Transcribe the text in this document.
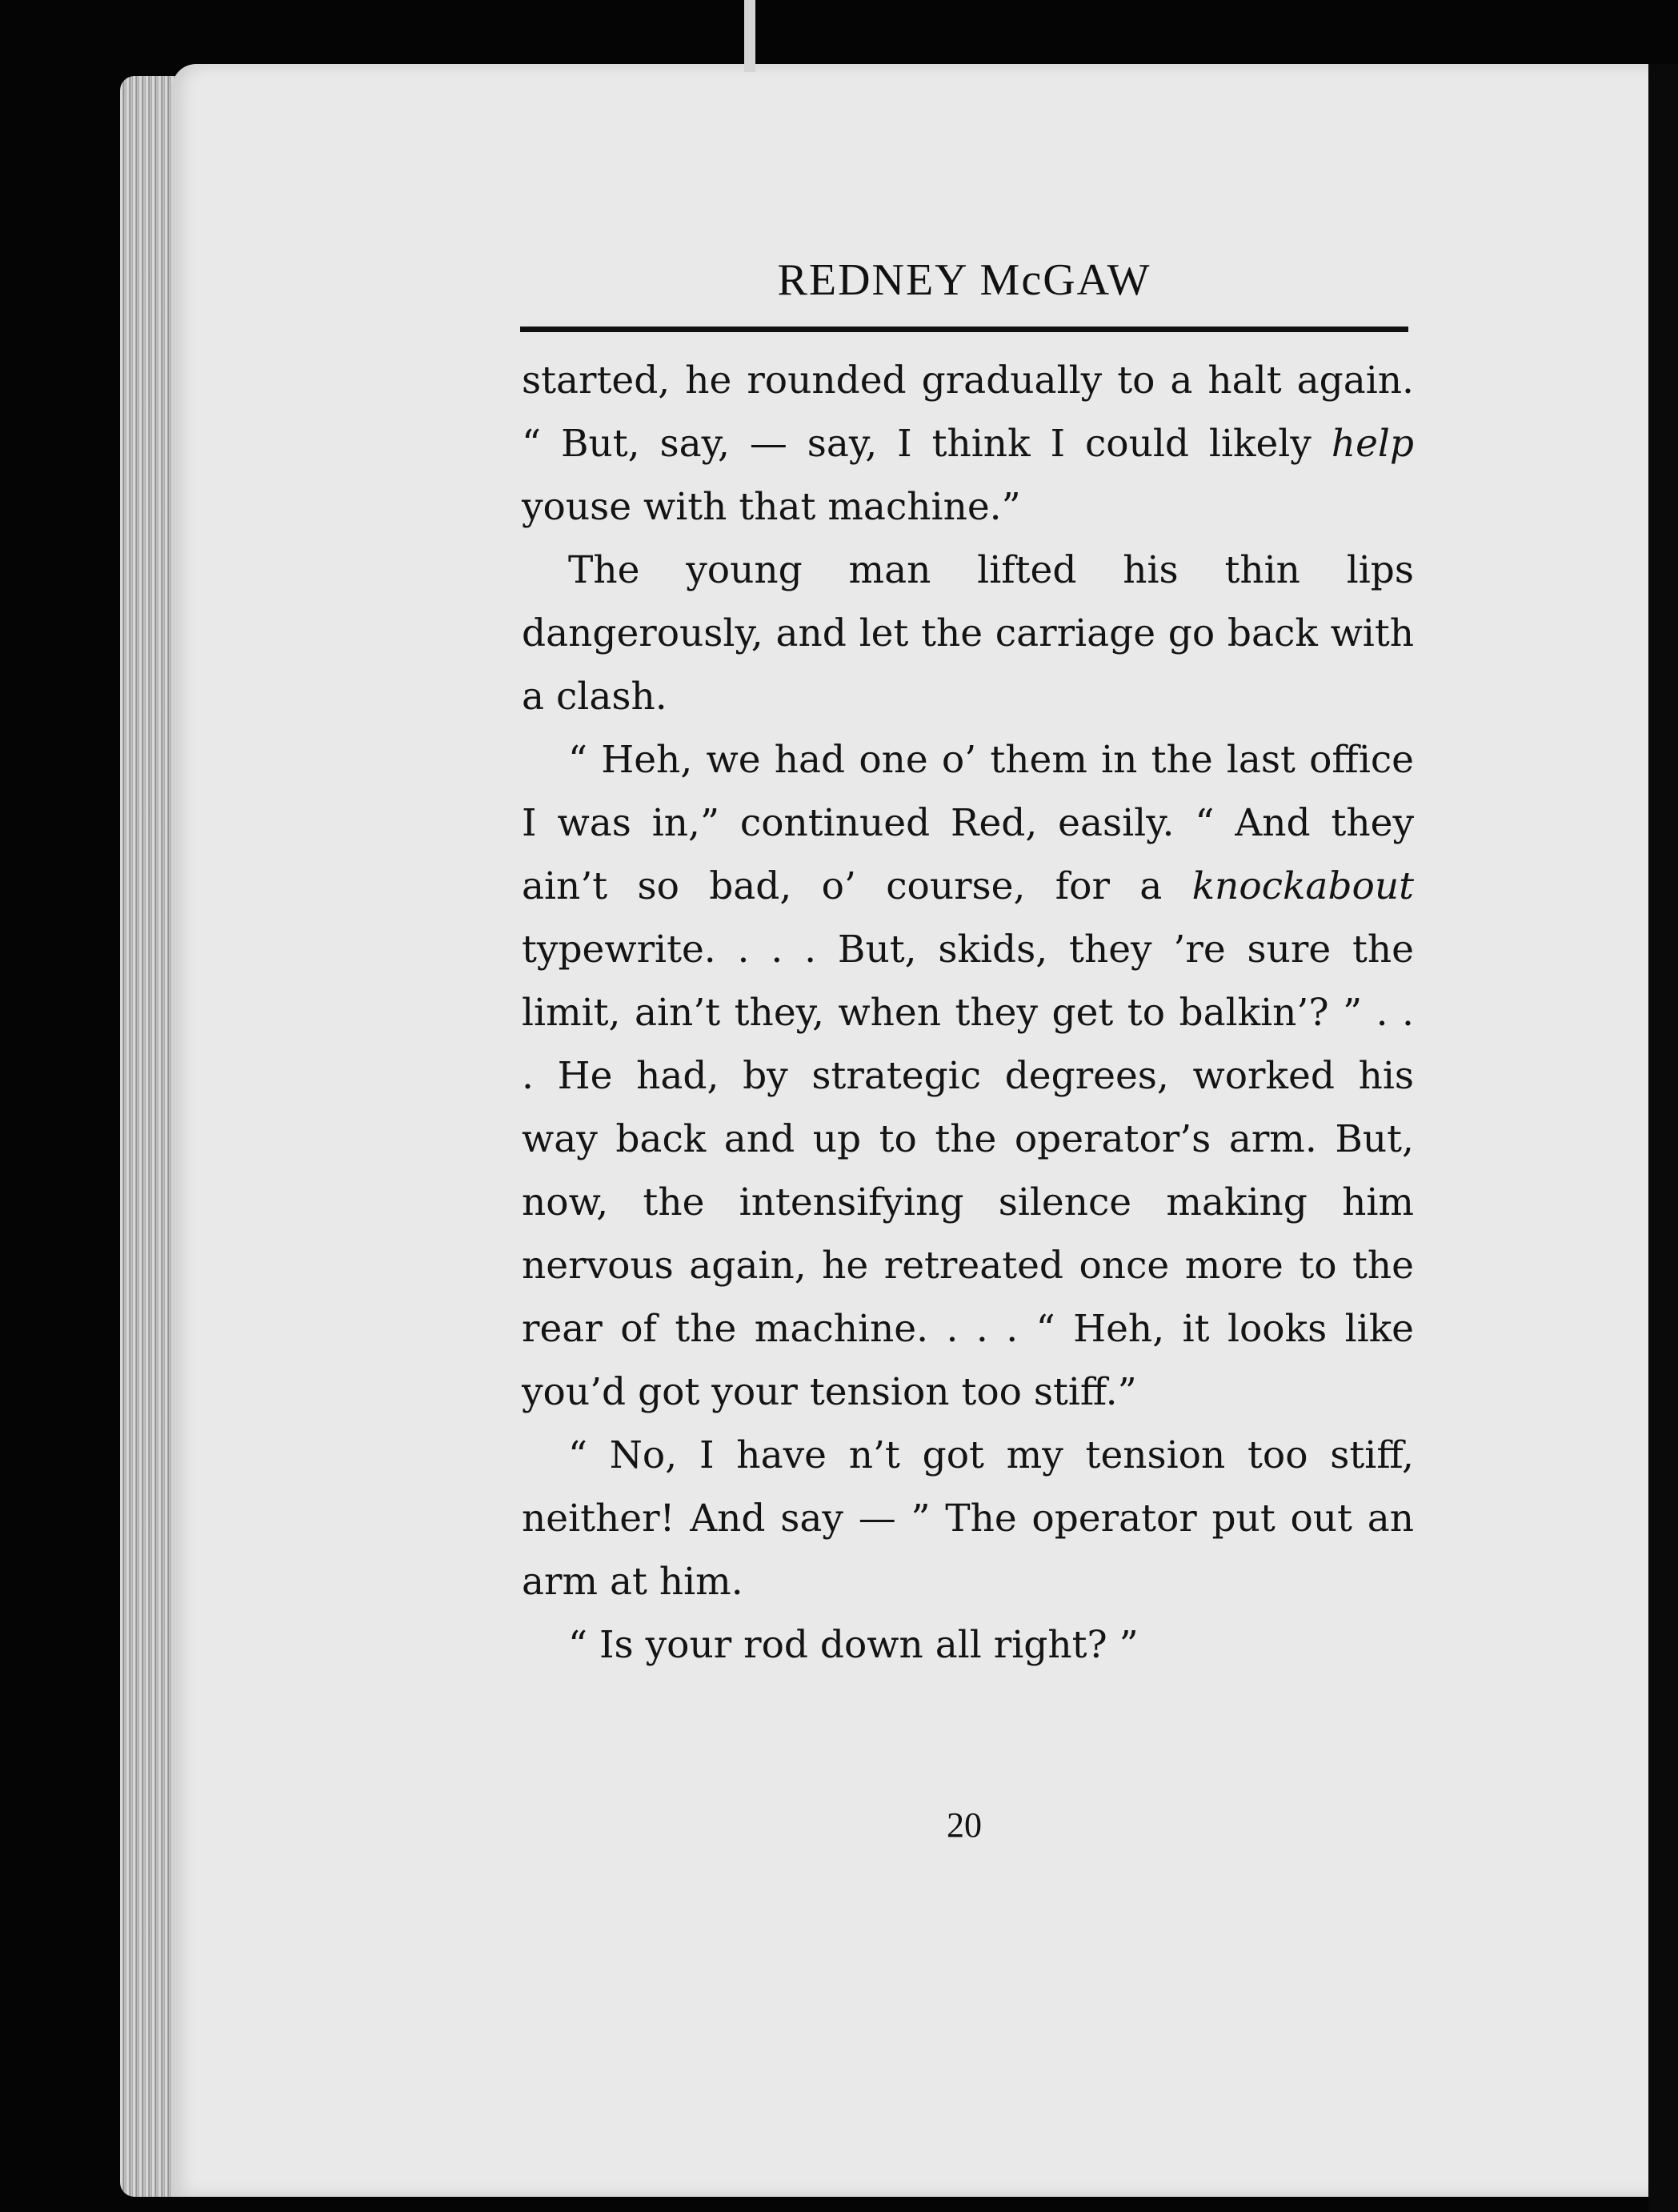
REDNEY McGAW

started, he rounded gradually to a halt again. “ But, say, — say, I think I could likely help youse with that machine.”

The young man lifted his thin lips dangerously, and let the carriage go back with a clash.

“ Heh, we had one o’ them in the last office I was in,” continued Red, easily. “ And they ain’t so bad, o’ course, for a knockabout typewrite. . . . But, skids, they ’re sure the limit, ain’t they, when they get to balkin’? ” . . . He had, by strategic degrees, worked his way back and up to the operator’s arm. But, now, the intensifying silence making him nervous again, he retreated once more to the rear of the machine. . . . “ Heh, it looks like you’d got your tension too stiff.”

“ No, I have n’t got my tension too stiff, neither! And say — ” The operator put out an arm at him.

“ Is your rod down all right? ”

20
